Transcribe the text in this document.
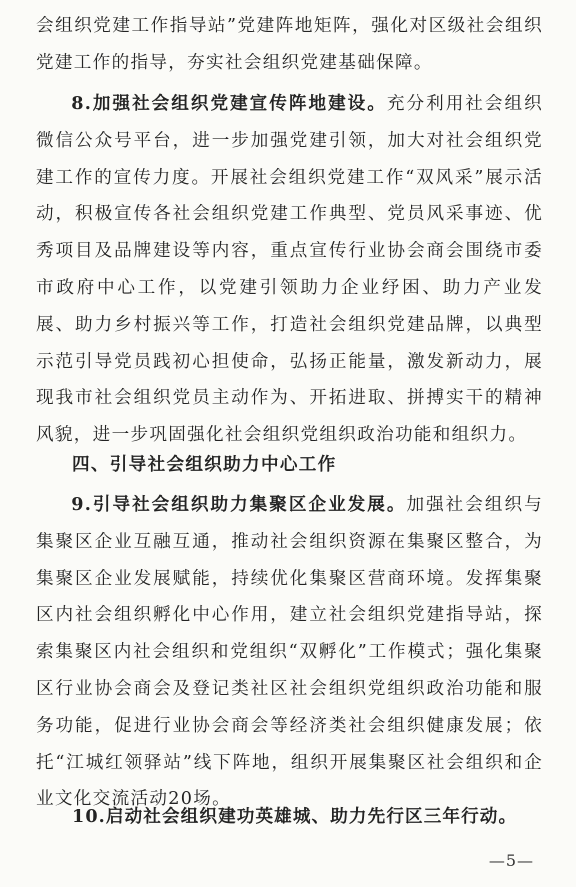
会组织党建工作指导站”党建阵地矩阵，强化对区级社会组织党建工作的指导，夯实社会组织党建基础保障。

8.加强社会组织党建宣传阵地建设。充分利用社会组织微信公众号平台，进一步加强党建引领，加大对社会组织党建工作的宣传力度。开展社会组织党建工作“双风采”展示活动，积极宣传各社会组织党建工作典型、党员风采事迹、优秀项目及品牌建设等内容，重点宣传行业协会商会围绕市委市政府中心工作，以党建引领助力企业纾困、助力产业发展、助力乡村振兴等工作，打造社会组织党建品牌，以典型示范引导党员践初心担使命，弘扬正能量，激发新动力，展现我市社会组织党员主动作为、开拓进取、拼搏实干的精神风貌，进一步巩固强化社会组织党组织政治功能和组织力。

四、引导社会组织助力中心工作

9.引导社会组织助力集聚区企业发展。加强社会组织与集聚区企业互融互通，推动社会组织资源在集聚区整合，为集聚区企业发展赋能，持续优化集聚区营商环境。发挥集聚区内社会组织孵化中心作用，建立社会组织党建指导站，探索集聚区内社会组织和党组织“双孵化”工作模式；强化集聚区行业协会商会及登记类社区社会组织党组织政治功能和服务功能，促进行业协会商会等经济类社会组织健康发展；依托“江城红领驿站”线下阵地，组织开展集聚区社会组织和企业文化交流活动20场。

10.启动社会组织建功英雄城、助力先行区三年行动。
—5—
